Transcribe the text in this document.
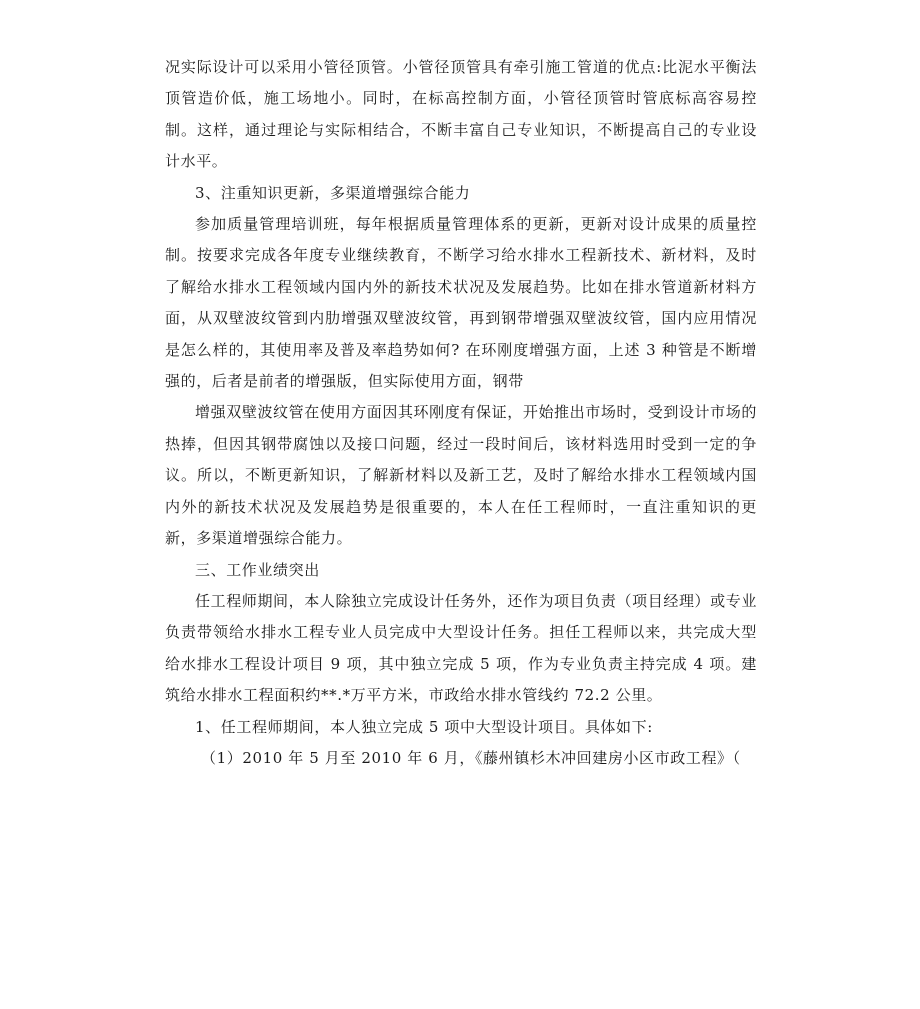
况实际设计可以采用小管径顶管。小管径顶管具有牵引施工管道的优点:比泥水平衡法顶管造价低，施工场地小。同时，在标高控制方面，小管径顶管时管底标高容易控制。这样，通过理论与实际相结合，不断丰富自己专业知识，不断提高自己的专业设计水平。

3、注重知识更新，多渠道增强综合能力

参加质量管理培训班，每年根据质量管理体系的更新，更新对设计成果的质量控制。按要求完成各年度专业继续教育，不断学习给水排水工程新技术、新材料，及时了解给水排水工程领域内国内外的新技术状况及发展趋势。比如在排水管道新材料方面，从双壁波纹管到内肋增强双壁波纹管，再到钢带增强双壁波纹管，国内应用情况是怎么样的，其使用率及普及率趋势如何? 在环刚度增强方面，上述 3 种管是不断增强的，后者是前者的增强版，但实际使用方面，钢带

增强双壁波纹管在使用方面因其环刚度有保证，开始推出市场时，受到设计市场的热捧，但因其钢带腐蚀以及接口问题，经过一段时间后，该材料选用时受到一定的争议。所以，不断更新知识，了解新材料以及新工艺，及时了解给水排水工程领域内国内外的新技术状况及发展趋势是很重要的，本人在任工程师时，一直注重知识的更新，多渠道增强综合能力。

三、工作业绩突出

任工程师期间，本人除独立完成设计任务外，还作为项目负责（项目经理）或专业负责带领给水排水工程专业人员完成中大型设计任务。担任工程师以来，共完成大型给水排水工程设计项目 9 项，其中独立完成 5 项，作为专业负责主持完成 4 项。建筑给水排水工程面积约**.*万平方米，市政给水排水管线约 72.2 公里。

1、任工程师期间，本人独立完成 5 项中大型设计项目。具体如下:

（1）2010 年 5 月至 2010 年 6 月，《藤州镇杉木冲回建房小区市政工程》（
